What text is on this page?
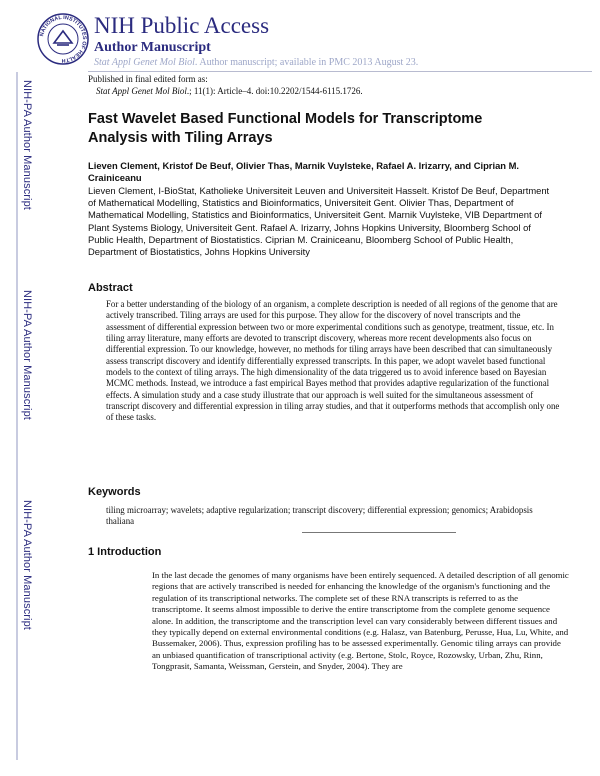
NATIONAL INSTITUTES OF HEALTH
NIH Public Access
Author Manuscript
Stat Appl Genet Mol Biol. Author manuscript; available in PMC 2013 August 23.
Published in final edited form as:
Stat Appl Genet Mol Biol.; 11(1): Article–4. doi:10.2202/1544-6115.1726.
NIH-PA Author Manuscript
NIH-PA Author Manuscript
NIH-PA Author Manuscript
Fast Wavelet Based Functional Models for Transcriptome Analysis with Tiling Arrays
Lieven Clement, Kristof De Beuf, Olivier Thas, Marnik Vuylsteke, Rafael A. Irizarry, and Ciprian M. Crainiceanu
Lieven Clement, I-BioStat, Katholieke Universiteit Leuven and Universiteit Hasselt. Kristof De Beuf, Department of Mathematical Modelling, Statistics and Bioinformatics, Universiteit Gent. Olivier Thas, Department of Mathematical Modelling, Statistics and Bioinformatics, Universiteit Gent. Marnik Vuylsteke, VIB Department of Plant Systems Biology, Universiteit Gent. Rafael A. Irizarry, Johns Hopkins University, Bloomberg School of Public Health, Department of Biostatistics. Ciprian M. Crainiceanu, Bloomberg School of Public Health, Department of Biostatistics, Johns Hopkins University
Abstract

For a better understanding of the biology of an organism, a complete description is needed of all regions of the genome that are actively transcribed. Tiling arrays are used for this purpose. They allow for the discovery of novel transcripts and the assessment of differential expression between two or more experimental conditions such as genotype, treatment, tissue, etc. In tiling array literature, many efforts are devoted to transcript discovery, whereas more recent developments also focus on differential expression. To our knowledge, however, no methods for tiling arrays have been described that can simultaneously assess transcript discovery and identify differentially expressed transcripts. In this paper, we adopt wavelet based functional models to the context of tiling arrays. The high dimensionality of the data triggered us to avoid inference based on Bayesian MCMC methods. Instead, we introduce a fast empirical Bayes method that provides adaptive regularization of the functional effects. A simulation study and a case study illustrate that our approach is well suited for the simultaneous assessment of transcript discovery and differential expression in tiling array studies, and that it outperforms methods that accomplish only one of these tasks.

Keywords

tiling microarray; wavelets; adaptive regularization; transcript discovery; differential expression; genomics; Arabidopsis thaliana

1 Introduction

In the last decade the genomes of many organisms have been entirely sequenced. A detailed description of all genomic regions that are actively transcribed is needed for enhancing the knowledge of the organism's functioning and the regulation of its transcriptional networks. The complete set of these RNA transcripts is referred to as the transcriptome. It seems almost impossible to derive the entire transcriptome from the complete genome sequence alone. In addition, the transcriptome and the transcription level can vary considerably between different tissues and they typically depend on external environmental conditions (e.g. Halasz, van Batenburg, Perusse, Hua, Lu, White, and Bussemaker, 2006). Thus, expression profiling has to be assessed experimentally. Genomic tiling arrays can provide an unbiased quantification of transcriptional activity (e.g. Bertone, Stolc, Royce, Rozowsky, Urban, Zhu, Rinn, Tongprasit, Samanta, Weissman, Gerstein, and Snyder, 2004). They are
